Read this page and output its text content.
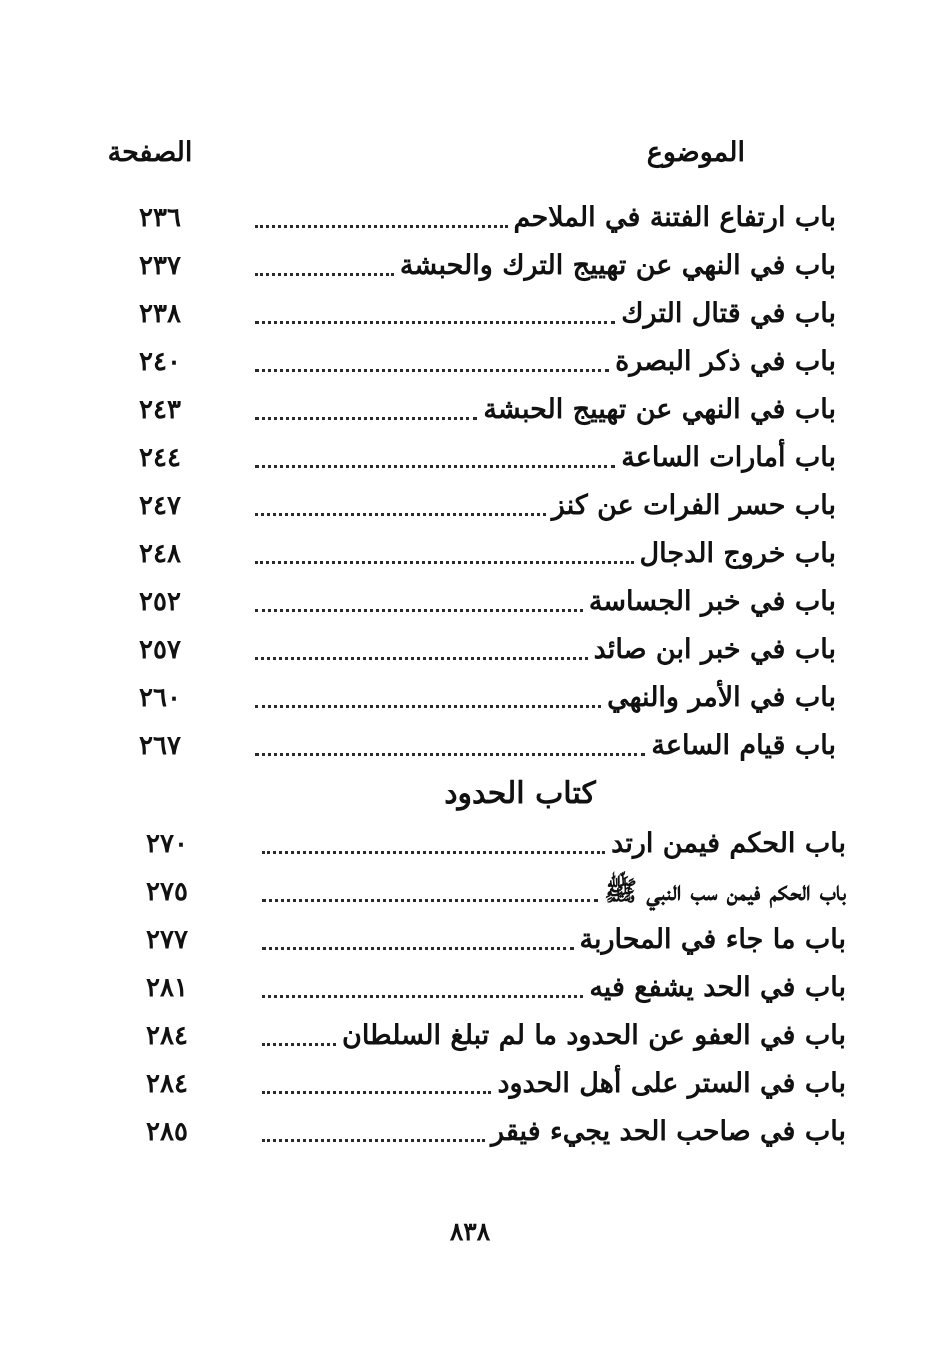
الموضوع
الصفحة
باب ارتفاع الفتنة في الملاحم
٢٣٦
باب في النهي عن تهييج الترك والحبشة
٢٣٧
باب في قتال الترك
٢٣٨
باب في ذكر البصرة
٢٤٠
باب في النهي عن تهييج الحبشة
٢٤٣
باب أمارات الساعة
٢٤٤
باب حسر الفرات عن كنز
٢٤٧
باب خروج الدجال
٢٤٨
باب في خبر الجساسة
٢٥٢
باب في خبر ابن صائد
٢٥٧
باب في الأمر والنهي
٢٦٠
باب قيام الساعة
٢٦٧
كتاب الحدود
باب الحكم فيمن ارتد
٢٧٠
باب الحكم فيمن سب النبي ﷺ
٢٧٥
باب ما جاء في المحاربة
٢٧٧
باب في الحد يشفع فيه
٢٨١
باب في العفو عن الحدود ما لم تبلغ السلطان
٢٨٤
باب في الستر على أهل الحدود
٢٨٤
باب في صاحب الحد يجيء فيقر
٢٨٥
٨٣٨
